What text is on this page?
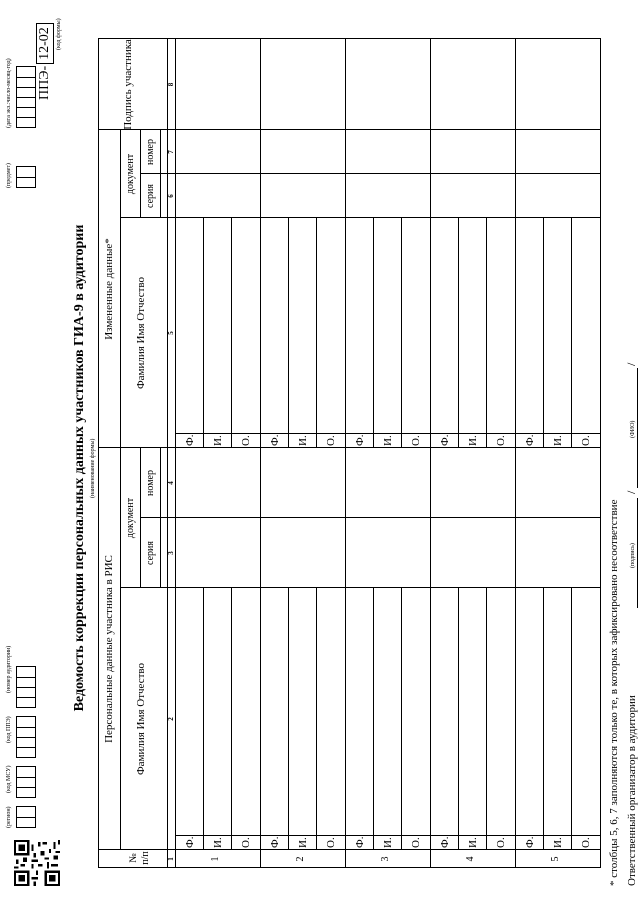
(регион)
(код МСУ)
(код ППЭ)
(номер аудитории)
(предмет)
(дата экз.:число-месяц-год)
Ведомость коррекции персональных данных участников ГИА-9 в аудитории (наименование формы)
ППЭ-12-02 (код формы)
№ п/п
Персональные данные участника в РИС
Измененные данные*
Фамилия Имя Отчество
документ
серия
номер
Фамилия Имя Отчество
документ
серия
номер
Подпись участника
1
2
3
4
5
6
7
8
1
Ф. И. О.
Ф. И. О.
2
Ф. И. О.
Ф. И. О.
3
Ф. И. О.
Ф. И. О.
4
Ф. И. О.
Ф. И. О.
5
Ф. И. О.
Ф. И. О.
* столбцы 5, 6, 7 заполняются только те, в которых зафиксировано несоответствие Ответственный организатор в аудитории
/
/
(подпись)
(ФИО)
